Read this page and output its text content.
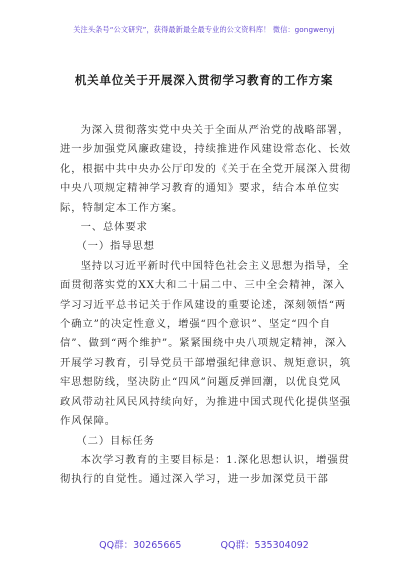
关注头条号“公文研究”，获得最新最全最专业的公文资料库！ 微信：gongwenyj
机关单位关于开展深入贯彻学习教育的工作方案

为深入贯彻落实党中央关于全面从严治党的战略部署，进一步加强党风廉政建设，持续推进作风建设常态化、长效化，根据中共中央办公厅印发的《关于在全党开展深入贯彻中央八项规定精神学习教育的通知》要求，结合本单位实际，特制定本工作方案。

一、总体要求

（一）指导思想

坚持以习近平新时代中国特色社会主义思想为指导，全面贯彻落实党的XX大和二十届二中、三中全会精神，深入学习习近平总书记关于作风建设的重要论述，深刻领悟“两个确立”的决定性意义，增强“四个意识”、坚定“四个自信”、做到“两个维护”。紧紧围绕中央八项规定精神，深入开展学习教育，引导党员干部增强纪律意识、规矩意识，筑牢思想防线，坚决防止“四风”问题反弹回潮，以优良党风政风带动社风民风持续向好，为推进中国式现代化提供坚强作风保障。

（二）目标任务

本次学习教育的主要目标是：1.深化思想认识，增强贯彻执行的自觉性。通过深入学习，进一步加深党员干部

QQ群：30265665	QQ群：535304092
